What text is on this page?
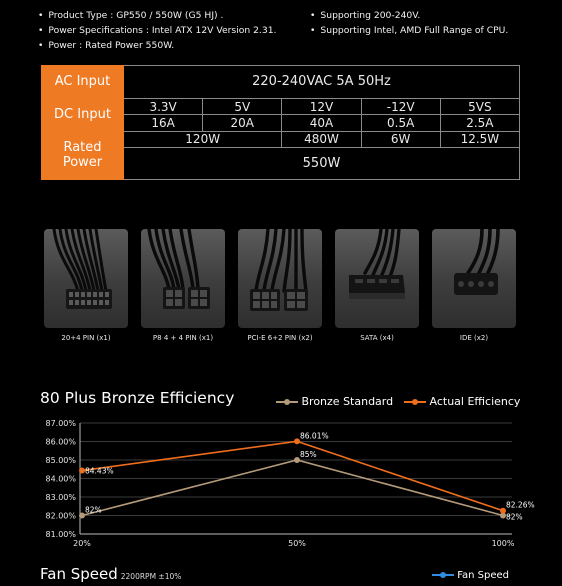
• Product Type : GP550 / 550W (G5 HJ) .	• Supporting 200-240V.
• Power Specifications : Intel ATX 12V Version 2.31.	• Supporting Intel, AMD Full Range of CPU.
• Power : Rated Power 550W.
AC Input	220-240VAC 5A 50Hz				
DC Input	3.3V	5V	12V	-12V	5VS
	16A	20A	40A	0.5A	2.5A
Rated Power	120W		480W	6W	12.5W
	550W				
20+4 PIN (x1)	P8 4 + 4 PIN (x1)	PCI-E 6+2 PIN (x2)	SATA (x4)	IDE (x2)
80 Plus Bronze Efficiency	Bronze Standard	Actual Efficiency
81.00%
82.00%
83.00%
84.00%
85.00%
86.00%
87.00%
20%	50%	100%
82%
85%
82%
84.43%
86.01%
82.26%
Fan Speed 2200RPM ±10%	Fan Speed
